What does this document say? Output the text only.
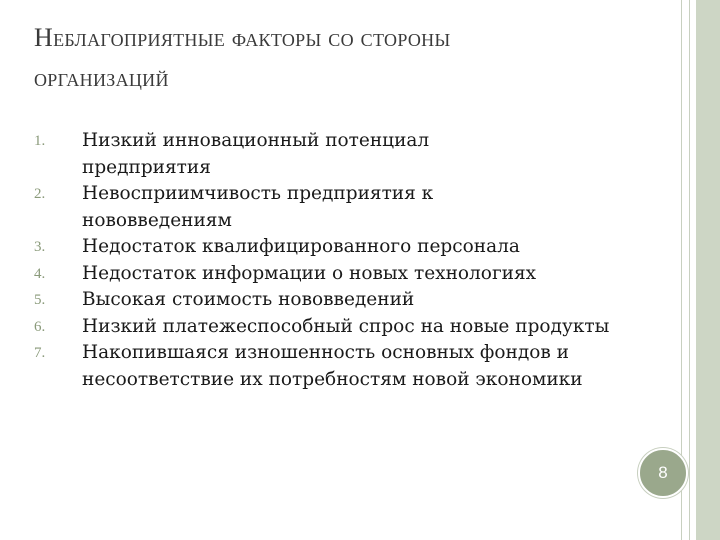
Неблагоприятные факторы со стороны
организаций
1.	Низкий инновационный потенциал предприятия
2.	Невосприимчивость предприятия к нововведениям
3.	Недостаток квалифицированного персонала
4.	Недостаток информации о новых технологиях
5.	Высокая стоимость нововведений
6.	Низкий платежеспособный спрос на новые продукты
7.	Накопившаяся изношенность основных фондов и несоответствие их потребностям новой экономики
8
